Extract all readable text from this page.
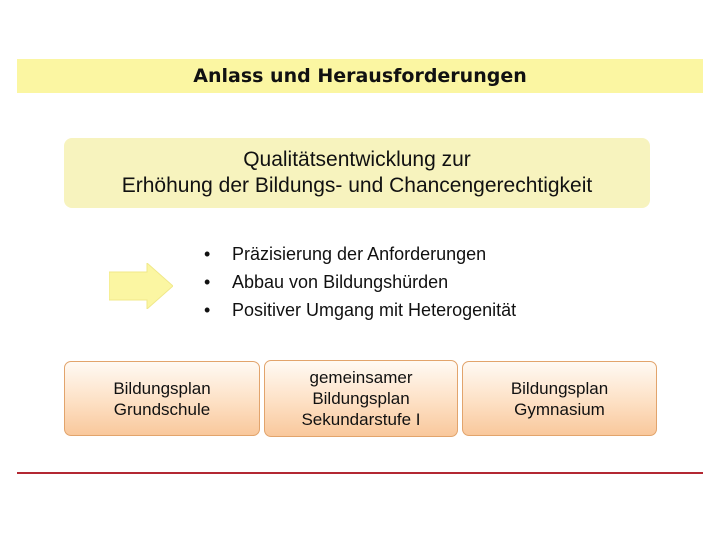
Anlass und Herausforderungen
Qualitätsentwicklung zur
Erhöhung der Bildungs- und Chancengerechtigkeit
•	Präzisierung der Anforderungen
•	Abbau von Bildungshürden
•	Positiver Umgang mit Heterogenität
Bildungsplan
Grundschule
gemeinsamer
Bildungsplan
Sekundarstufe I
Bildungsplan
Gymnasium
